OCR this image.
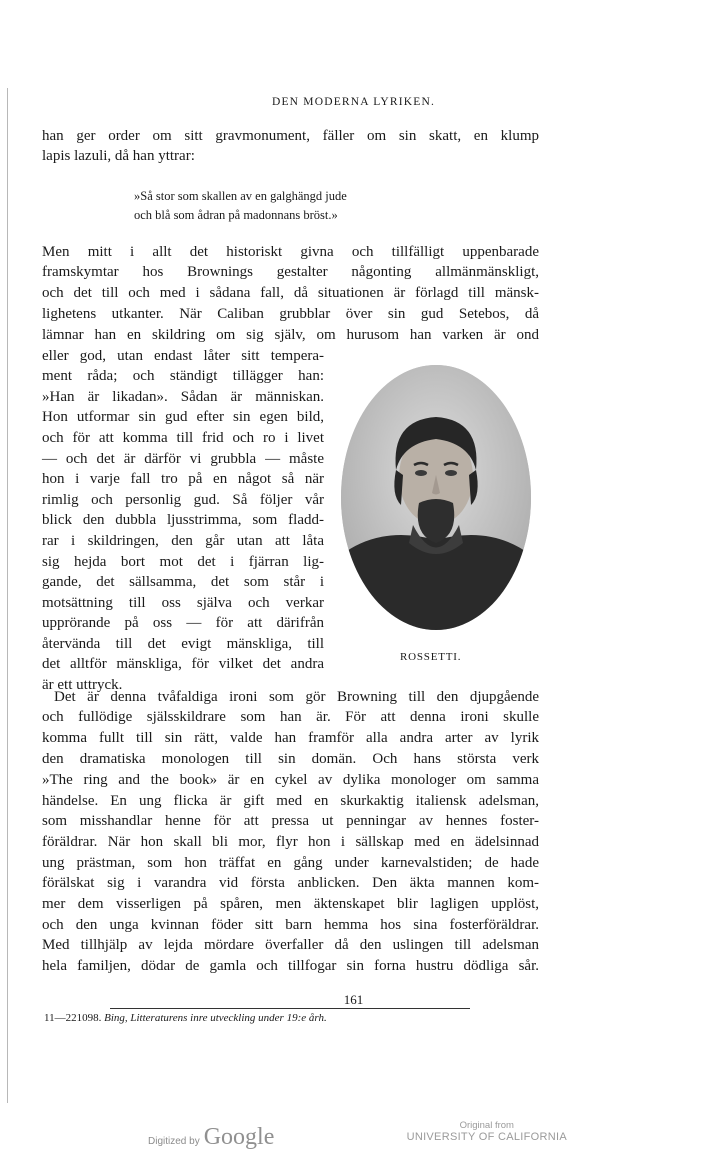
DEN MODERNA LYRIKEN.
han ger order om sitt gravmonument, fäller om sin skatt, en klump
lapis lazuli, då han yttrar:
»Så stor som skallen av en galghängd jude
och blå som ådran på madonnans bröst.»
Men mitt i allt det historiskt givna och tillfälligt uppenbarade
framskymtar hos Brownings gestalter någonting allmänmänskligt,
och det till och med i sådana fall, då situationen är förlagd till mänsk-
lighetens utkanter. När Caliban grubblar över sin gud Setebos, då
lämnar han en skildring om sig själv, om hurusom han varken är ond
eller god, utan endast låter sitt tempera-
ment råda; och ständigt tillägger han:
»Han är likadan». Sådan är människan.
Hon utformar sin gud efter sin egen bild,
och för att komma till frid och ro i livet
— och det är därför vi grubbla — måste
hon i varje fall tro på en något så när
rimlig och personlig gud. Så följer vår
blick den dubbla ljusstrimma, som fladd-
rar i skildringen, den går utan att låta
sig hejda bort mot det i fjärran lig-
gande, det sällsamma, det som står i
motsättning till oss själva och verkar
upprörande på oss — för att därifrån
återvända till det evigt mänskliga, till
det alltför mänskliga, för vilket det andra
är ett uttryck.
ROSSETTI.
Det är denna tvåfaldiga ironi som gör Browning till den djupgående
och fullödige själsskildrare som han är. För att denna ironi skulle
komma fullt till sin rätt, valde han framför alla andra arter av lyrik
den dramatiska monologen till sin domän. Och hans största verk
»The ring and the book» är en cykel av dylika monologer om samma
händelse. En ung flicka är gift med en skurkaktig italiensk adelsman,
som misshandlar henne för att pressa ut penningar av hennes foster-
föräldrar. När hon skall bli mor, flyr hon i sällskap med en ädelsinnad
ung prästman, som hon träffat en gång under karnevalstiden; de hade
förälskat sig i varandra vid första anblicken. Den äkta mannen kom-
mer dem visserligen på spåren, men äktenskapet blir lagligen upplöst,
och den unga kvinnan föder sitt barn hemma hos sina fosterföräldrar.
Med tillhjälp av lejda mördare överfaller då den uslingen till adelsman
hela familjen, dödar de gamla och tillfogar sin forna hustru dödliga sår.
161
11—221098. Bing, Litteraturens inre utveckling under 19:e årh.
Digitized by Google	Original from
UNIVERSITY OF CALIFORNIA
